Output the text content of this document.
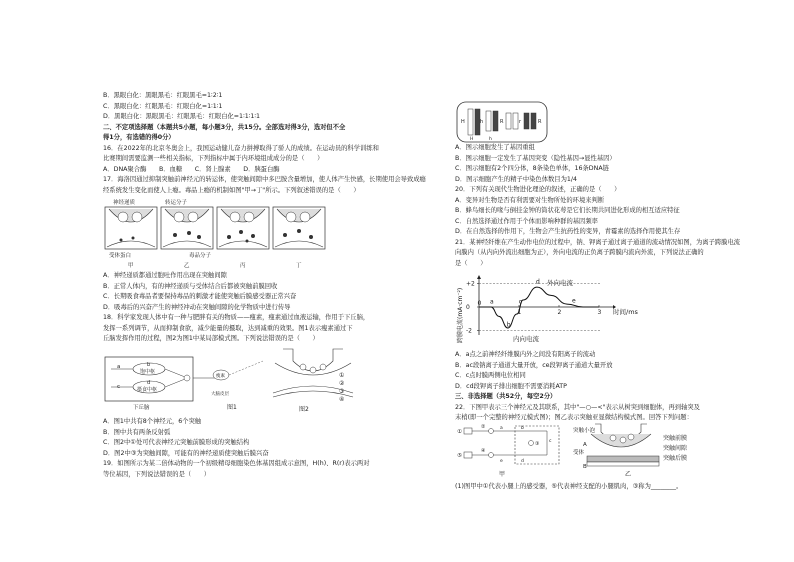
B．黑眼白化：黑眼黑毛：红眼黑毛=1∶2∶1
C．黑眼白化：红眼黑毛：红眼白化=1∶1∶1
D．黑眼白化：黑眼黑毛：红眼黑毛：红眼白化=1∶1∶1∶1
二、不定项选择题（本题共5小题，每小题3分，共15分。全部选对得3分，选对但不全
得1分，有选错的得0分）
16．在2022年的北京冬奥会上，我国运动健儿奋力拼搏取得了骄人的成绩。在运动员的科学训练和
比赛期间需要监测一些相关指标，下列指标中属于内环境组成成分的是（　　）
A．DNA聚合酶　　B．血糖　　C．肾上腺素　　D．胰蛋白酶
17．海洛因通过抑制突触前神经元的转运体，使突触间隙中多巴胺含量增加，使人体产生快感，长期使用会导致成瘾
经系统发生变化而使人上瘾。毒品上瘾的机制如图"甲→丁"所示。下列叙述错误的是（　　）
神经递质	转运分子
受体蛋白	毒品分子
甲	乙	丙	丁
A．神经递质都通过胞吐作用出现在突触间隙
B．正常人体内，有的神经递质与受体结合后都被突触前膜回收
C．长期吸食毒品者要保持毒品的刺激才能使突触后膜感受器正常兴奋
D．吸毒后的兴奋产生的神经冲动在突触间隙的化学物质中进行传导
18．科学家发现人体中有一种与肥胖有关的物质——瘦素，瘦素通过血液运输，作用于下丘脑，
发挥一系列调节，从而抑制食欲，减少能量的摄取，达到减重的效果。图1表示瘦素通过下
丘脑发挥作用的过程，图2为图1中某局部模式图。下列说法错误的是（　　）
a	b
饱中枢
c
d
摄食中枢
下丘脑
瘦素
大脑皮层
图1
①
②
③
④
图2
A．图1中共有8个神经元，6个突触
B．图中共有两条反射弧
C．图2中①处可代表神经元突触前膜形成的突触结构
D．图2中③为突触间隙，可能有的神经递质使突触后膜兴奋
19．如图所示为某二倍体动物的一个初级精母细胞染色体基因组成示意图，H(h)、R(r)表示两对
等位基因，下列说法错误的是（　　）
H	h	R	r
H	h
R
A．图示细胞发生了基因重组
B．图示细胞一定发生了基因突变（隐性基因→显性基因）
C．图示细胞有2个四分体，8条染色单体，16条DNA链
D．图示细胞产生的精子中染色体数目为1/4
20．下列有关现代生物进化理论的叙述，正确的是（　　）
A．变异对生物是否有利需要对生物所处的环境来判断
B．蜂鸟细长的喙与倒挂金钟的筒状花萼是它们长期共同进化形成的相互适应特征
C．自然选择通过作用于个体而影响种群的基因频率
D．在自然选择的作用下，生物会产生抗药性的变异，青霉素的选择作用使其生存
21．某神经纤维在产生动作电位的过程中，钠、钾离子通过离子通道的流动情况如图，为离子跨膜电流
向膜内（从内向外流出细胞为正），外向电流的正负离子跨膜内流向外流，下列说法正确的
是（　　）
跨膜电流(mA·cm⁻²)
+2
0
-2
0
1	2	3
a
b
c
d
e
外向电流
内向电流
时间/ms
A．a点之前神经纤维膜内外之间没有阳离子的流动
B．ac段钠离子通道大量开放，ce段钾离子通道大量开放
C．c点时膜两侧电位相同
D．cd段钾离子排出细胞不需要消耗ATP
三、非选择题（共52分，每空2分）
22．下图甲表示三个神经元及其联系，其中"—○—<"表示从树突到细胞体，再到轴突及
末梢(即一个完整的神经元模式图)；图乙表示突触亚显微结构模式图。回答下列问题：
①
⑤
②
④
③
a	b
c
d
e
甲
突触小泡
A
突触前膜
突触间隙
突触后膜
受体
B
乙
(1)图甲中①代表小腿上的感受器，⑤代表神经支配的小腿肌肉，③称为________。
